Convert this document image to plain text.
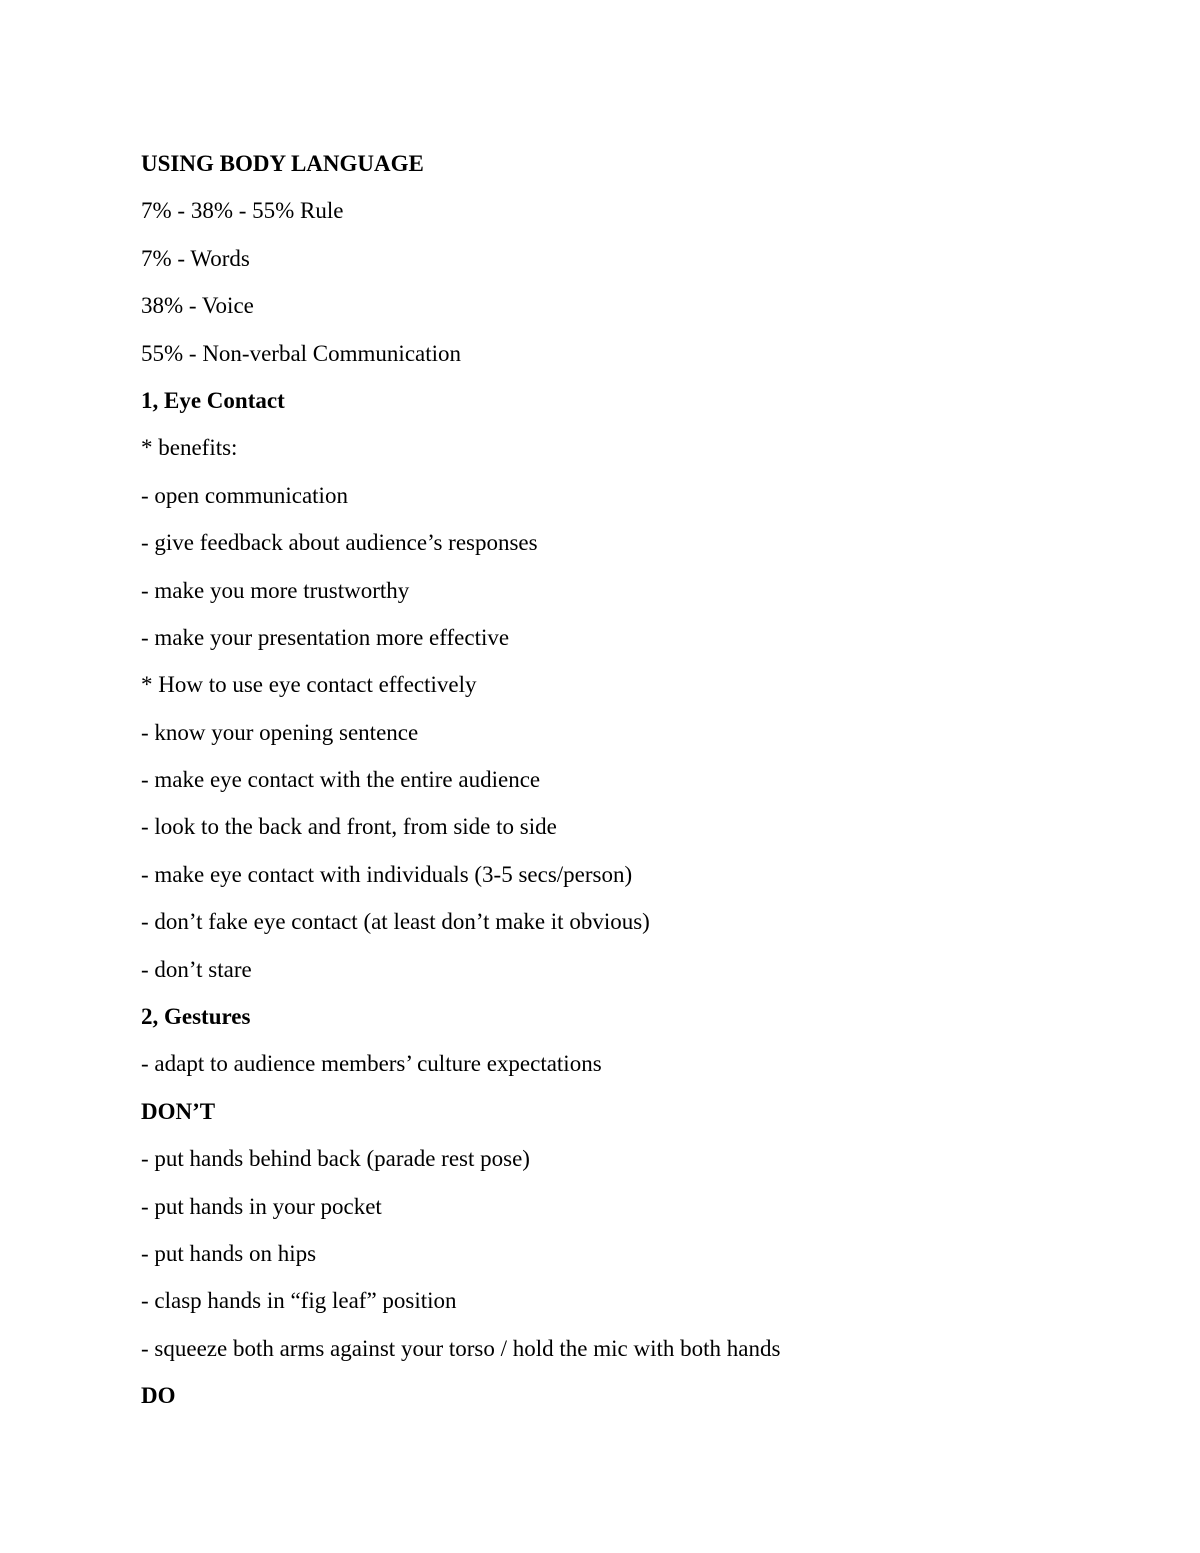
USING BODY LANGUAGE
7% - 38% - 55% Rule
7% - Words
38% - Voice
55% - Non-verbal Communication
1, Eye Contact
* benefits:
- open communication
- give feedback about audience’s responses
- make you more trustworthy
- make your presentation more effective
* How to use eye contact effectively
- know your opening sentence
- make eye contact with the entire audience
- look to the back and front, from side to side
- make eye contact with individuals (3-5 secs/person)
- don’t fake eye contact (at least don’t make it obvious)
- don’t stare
2, Gestures
- adapt to audience members’ culture expectations
DON’T
- put hands behind back (parade rest pose)
- put hands in your pocket
- put hands on hips
- clasp hands in “fig leaf” position
- squeeze both arms against your torso / hold the mic with both hands
DO
